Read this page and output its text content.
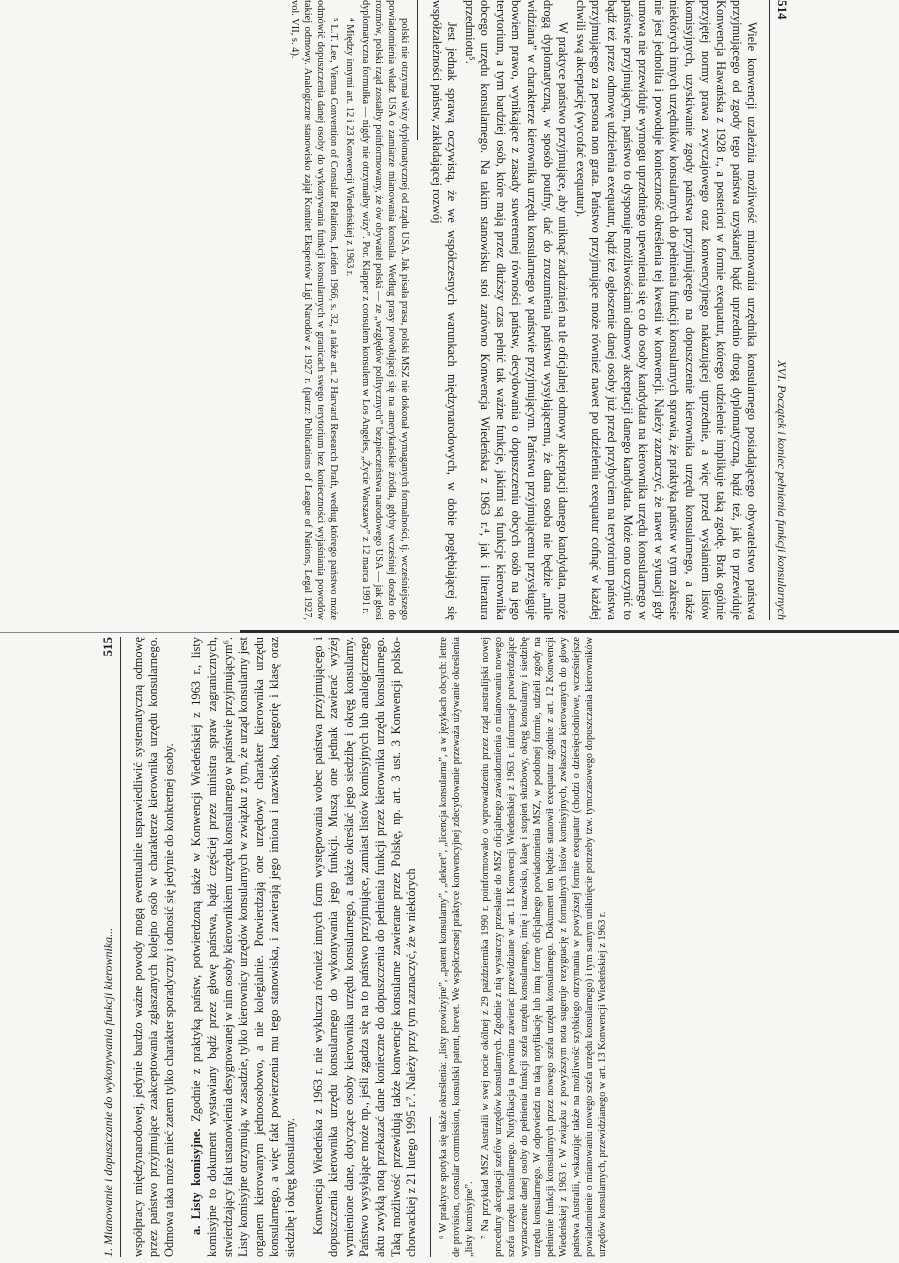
514
XVI. Początek i koniec pełnienia funkcji konsularnych

Wiele konwencji uzależnia możliwość mianowania urzędnika konsularnego posiadającego obywatelstwo państwa przyjmującego od zgody tego państwa uzyskanej bądź uprzednio drogą dyplomatyczną, bądź też, jak to przewiduje Konwencja Hawańska z 1928 r., a posteriori w formie exequatur, którego udzielenie implikuje taką zgodę. Brak ogólnie przyjętej normy prawa zwyczajowego oraz konwencyjnego nakazującej uprzednie, a więc przed wysłaniem listów komisyjnych, uzyskiwanie zgody państwa przyjmującego na dopuszczenie kierownika urzędu konsularnego, a także niektórych innych urzędników konsularnych do pełnienia funkcji konsularnych sprawia, że praktyka państw w tym zakresie nie jest jednolita i powoduje konieczność określenia tej kwestii w konwencji. Należy zaznaczyć, że nawet w sytuacji gdy umowa nie przewiduje wymogu uprzedniego upewnienia się co do osoby kandydata na kierownika urzędu konsularnego w państwie przyjmującym, państwo to dysponuje możliwościami odmowy akceptacji danego kandydata. Może ono uczynić to bądź też przez odmowę udzielenia exequatur, bądź też ogłoszenie danej osoby już przed przybyciem na terytorium państwa przyjmującego za persona non grata. Państwo przyjmujące może również nawet po udzieleniu exequatur cofnąć w każdej chwili swą akceptację (wycofać exequatur).

W praktyce państwo przyjmujące, aby uniknąć zadrażnień na tle oficjalnej odmowy akceptacji danego kandydata, może drogą dyplomatyczną, w sposób poufny, dać do zrozumienia państwu wysyłającemu, że dana osoba nie będzie „mile widziana” w charakterze kierownika urzędu konsularnego w państwie przyjmującym. Państwu przyjmującemu przysługuje bowiem prawo, wynikające z zasady suwerennej równości państw, decydowania o dopuszczeniu obcych osób na jego terytorium, a tym bardziej osób, które mają przez dłuższy czas pełnić tak ważne funkcje, jakimi są funkcje kierownika obcego urzędu konsularnego. Na takim stanowisku stoi zarówno Konwencja Wiedeńska z 1963 r.⁴, jak i literatura przedmiotu⁵.

Jest jednak sprawą oczywistą, że we współczesnych warunkach międzynarodowych, w dobie pogłębiającej się współzależności państw, zakładającej rozwój

polski nie otrzymał wizy dyplomatycznej od rządu USA. Jak pisała prasa, polski MSZ nie dokonał wymaganych formalności, tj. wcześniejszego powiadomienia władz USA o zamiarze mianowania konsula. Według prasy powołującej się na amerykańskie źródła, gdyby wcześniej doszło do rozmów, polski rząd zostałby poinformowany, że ów obywatel polski — ze „względów politycznych” bezpieczeństwa narodowego USA — jak głosi dyplomatyczna formułka — nigdy nie otrzymałby wizy”. Por. Klapper z consulem konsulem w Los Angeles, „Życie Warszawy” z 12 marca 1991 r.

⁴ Między innymi art. 12 i 23 Konwencji Wiedeńskiej z 1963 r.

⁵ L.T. Lee, Vienna Convention of Consular Relations, Leiden 1966, s. 32, a także art. 2 Harvard Research Draft, według którego państwo może odmówić dopuszczenia danej osoby do wykonywania funkcji konsularnych w granicach swego terytorium bez konieczności wyjaśniania powodów takiej odmowy. Analogiczne stanowisko zajął Komitet Ekspertów Ligi Narodów z 1927 r. (patrz: Publications of League of Nations, Legal 1927, vol. VII, s. 4).

1. Mianowanie i dopuszczanie do wykonywania funkcji kierownika...
515 współpracy międzynarodowej, jedynie bardzo ważne powody mogą ewentualnie usprawiedliwić systematyczną odmowę przez państwo przyjmujące zaakceptowania zgłaszanych kolejno osób w charakterze kierownika urzędu konsularnego. Odmowa taka może mieć zatem tylko charakter sporadyczny i odnosić się jedynie do konkretnej osoby. a. Listy komisyjne. Zgodnie z praktyką państw, potwierdzoną także w Konwencji Wiedeńskiej z 1963 r., listy komisyjne to dokument wystawiany bądź przez głowę państwa, bądź częściej przez ministra spraw zagranicznych, stwierdzający fakt ustanowienia desygnowanej w nim osoby kierownikiem urzędu konsularnego w państwie przyjmującym⁶. Listy komisyjne otrzymują, w zasadzie, tylko kierownicy urzędów konsularnych w związku z tym, że urząd konsularny jest organem kierowanym jednoosobowo, a nie kolegialnie. Potwierdzają one urzędowy charakter kierownika urzędu konsularnego, a więc fakt powierzenia mu tego stanowiska, i zawierają jego imiona i nazwisko, kategorię i klasę oraz siedzibę i okręg konsularny. Konwencja Wiedeńska z 1963 r. nie wyklucza również innych form występowania wobec państwa przyjmującego i dopuszczenia kierownika urzędu konsularnego do wykonywania jego funkcji. Muszą one jednak zawierać wyżej wymienione dane, dotyczące osoby kierownika urzędu konsularnego, a także określać jego siedzibę i okręg konsularny. Państwo wysyłające może np., jeśli zgadza się na to państwo przyjmujące, zamiast listów komisyjnych lub analogicznego aktu zwykłą notą przekazać dane konieczne do dopuszczenia do pełnienia funkcji przez kierownika urzędu konsularnego. Taką możliwość przewidują także konwencje konsularne zawierane przez Polskę, np. art. 3 ust. 3 Konwencji polsko-chorwackiej z 21 lutego 1995 r.⁷. Należy przy tym zaznaczyć, że w niektórych ⁶ W praktyce spotyka się także określenia: „listy prowizyjne”, „patent konsularny”, „dekret”, „licencja konsularna”, a w językach obcych: lettre de provision, consular commission, konsulski patent, brevet. We współczesnej praktyce konwencyjnej zdecydowanie przeważa używanie określenia „listy komisyjne”. ⁷ Na przykład MSZ Australii w swej nocie okólnej z 29 października 1990 r. poinformowało o wprowadzeniu przez rząd australijski nowej procedury akceptacji szefów urzędów konsularnych. Zgodnie z nią wystarczy przesłanie do MSZ oficjalnego zawiadomienia o mianowaniu nowego szefa urzędu konsularnego. Notyfikacja ta powinna zawierać przewidziane w art. 11 Konwencji Wiedeńskiej z 1963 r. informacje potwierdzające wyznaczenie danej osoby do pełnienia funkcji szefa urzędu konsularnego, imię i nazwisko, klasę i stopień służbowy, okręg konsularny i siedzibę urzędu konsularnego. W odpowiedzi na taką notyfikację lub inną formę oficjalnego powiadomienia MSZ, w podobnej formie, udzieli zgody na pełnienie funkcji konsularnych przez nowego szefa urzędu konsularnego. Dokument ten będzie stanowił exequatur zgodnie z art. 12 Konwencji Wiedeńskiej z 1963 r. W związku z powyższym nota sugeruje rezygnację z formalnych listów komisyjnych, zwłaszcza kierowanych do głowy państwa Australii, wskazując także na możliwość szybkiego otrzymania w powyższej formie exequatur (chodzi o dziesięciodniowe, wcześniejsze powiadomienie o mianowaniu nowego szefa urzędu konsularnego) i tym samym uniknięcie potrzeby tzw. tymczasowego dopuszczania kierowników urzędów konsularnych, przewidzianego w art. 13 Konwencji Wiedeńskiej z 1963 r.
